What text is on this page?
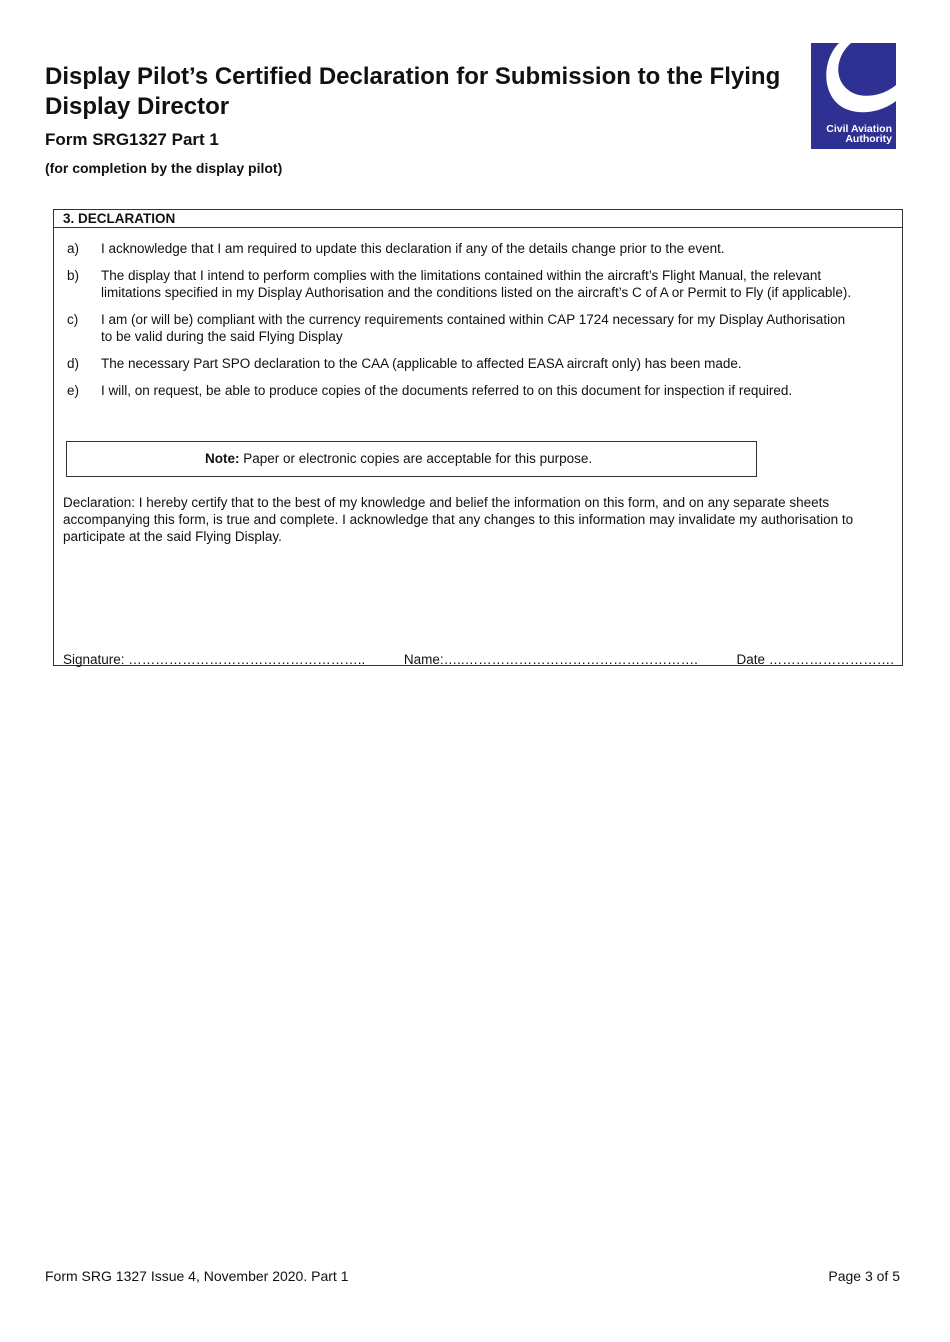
Display Pilot’s Certified Declaration for Submission to the Flying Display Director
Form SRG1327 Part 1
(for completion by the display pilot)
Civil Aviation
Authority
3. DECLARATION
a) I acknowledge that I am required to update this declaration if any of the details change prior to the event.
b) The display that I intend to perform complies with the limitations contained within the aircraft’s Flight Manual, the relevant limitations specified in my Display Authorisation and the conditions listed on the aircraft’s C of A or Permit to Fly (if applicable).
c) I am (or will be) compliant with the currency requirements contained within CAP 1724 necessary for my Display Authorisation to be valid during the said Flying Display
d) The necessary Part SPO declaration to the CAA (applicable to affected EASA aircraft only) has been made.
e) I will, on request, be able to produce copies of the documents referred to on this document for inspection if required.
Note: Paper or electronic copies are acceptable for this purpose.
Declaration: I hereby certify that to the best of my knowledge and belief the information on this form, and on any separate sheets accompanying this form, is true and complete. I acknowledge that any changes to this information may invalidate my authorisation to participate at the said Flying Display.
Signature: ……………………………………………..	Name:…..…………………………………………….	Date ……………………….
Form SRG 1327 Issue 4, November 2020. Part 1	Page 3 of 5
